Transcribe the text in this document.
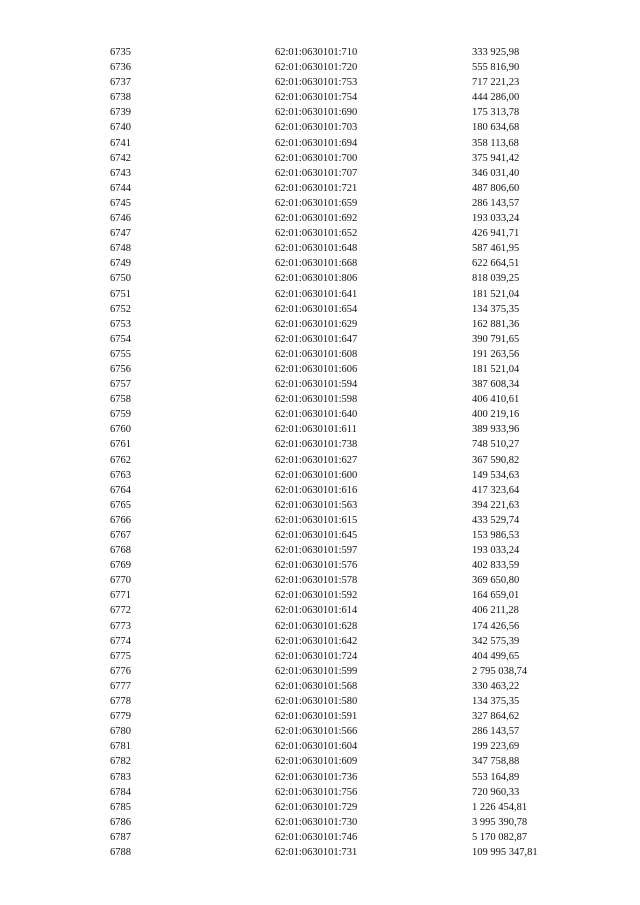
6735	62:01:0630101:710	333 925,98
6736	62:01:0630101:720	555 816,90
6737	62:01:0630101:753	717 221,23
6738	62:01:0630101:754	444 286,00
6739	62:01:0630101:690	175 313,78
6740	62:01:0630101:703	180 634,68
6741	62:01:0630101:694	358 113,68
6742	62:01:0630101:700	375 941,42
6743	62:01:0630101:707	346 031,40
6744	62:01:0630101:721	487 806,60
6745	62:01:0630101:659	286 143,57
6746	62:01:0630101:692	193 033,24
6747	62:01:0630101:652	426 941,71
6748	62:01:0630101:648	587 461,95
6749	62:01:0630101:668	622 664,51
6750	62:01:0630101:806	818 039,25
6751	62:01:0630101:641	181 521,04
6752	62:01:0630101:654	134 375,35
6753	62:01:0630101:629	162 881,36
6754	62:01:0630101:647	390 791,65
6755	62:01:0630101:608	191 263,56
6756	62:01:0630101:606	181 521,04
6757	62:01:0630101:594	387 608,34
6758	62:01:0630101:598	406 410,61
6759	62:01:0630101:640	400 219,16
6760	62:01:0630101:611	389 933,96
6761	62:01:0630101:738	748 510,27
6762	62:01:0630101:627	367 590,82
6763	62:01:0630101:600	149 534,63
6764	62:01:0630101:616	417 323,64
6765	62:01:0630101:563	394 221,63
6766	62:01:0630101:615	433 529,74
6767	62:01:0630101:645	153 986,53
6768	62:01:0630101:597	193 033,24
6769	62:01:0630101:576	402 833,59
6770	62:01:0630101:578	369 650,80
6771	62:01:0630101:592	164 659,01
6772	62:01:0630101:614	406 211,28
6773	62:01:0630101:628	174 426,56
6774	62:01:0630101:642	342 575,39
6775	62:01:0630101:724	404 499,65
6776	62:01:0630101:599	2 795 038,74
6777	62:01:0630101:568	330 463,22
6778	62:01:0630101:580	134 375,35
6779	62:01:0630101:591	327 864,62
6780	62:01:0630101:566	286 143,57
6781	62:01:0630101:604	199 223,69
6782	62:01:0630101:609	347 758,88
6783	62:01:0630101:736	553 164,89
6784	62:01:0630101:756	720 960,33
6785	62:01:0630101:729	1 226 454,81
6786	62:01:0630101:730	3 995 390,78
6787	62:01:0630101:746	5 170 082,87
6788	62:01:0630101:731	109 995 347,81
